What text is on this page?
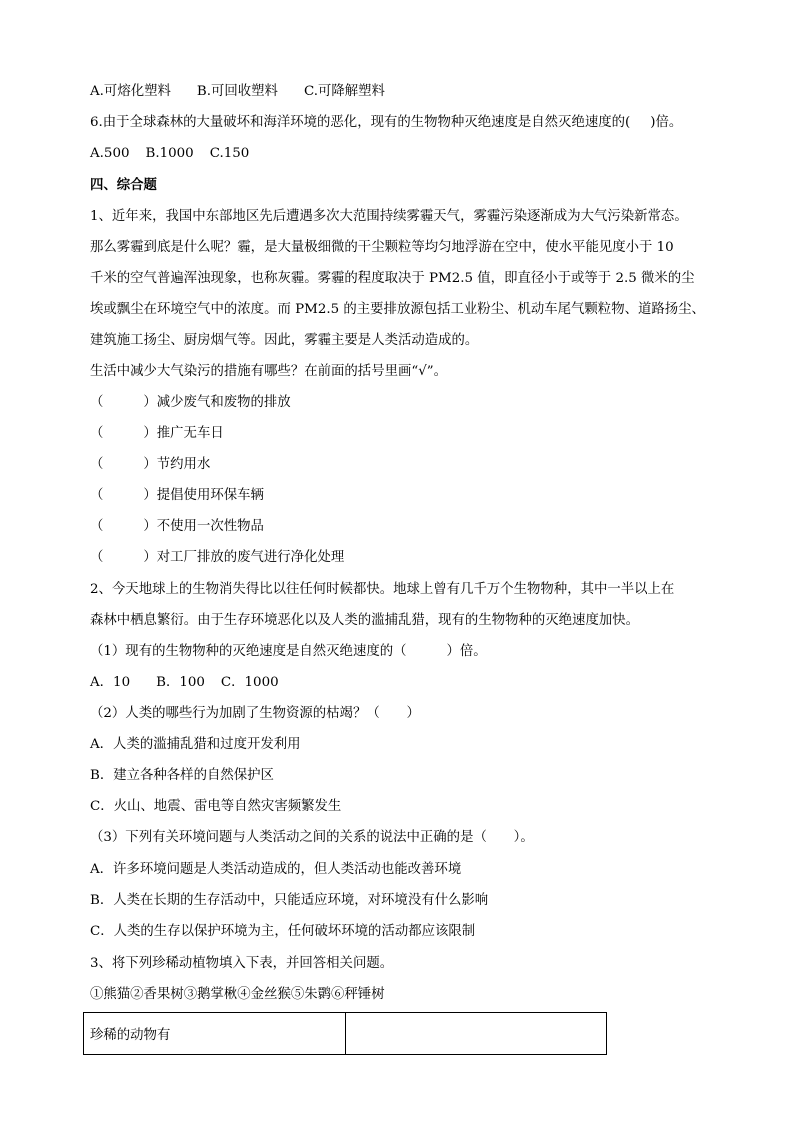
A.可熔化塑料 B.可回收塑料 C.可降解塑料
6.由于全球森林的大量破坏和海洋环境的恶化，现有的生物物种灭绝速度是自然灭绝速度的( )倍。
A.500 B.1000 C.150
四、综合题
1、近年来，我国中东部地区先后遭遇多次大范围持续雾霾天气，雾霾污染逐渐成为大气污染新常态。
那么雾霾到底是什么呢？霾，是大量极细微的干尘颗粒等均匀地浮游在空中，使水平能见度小于 10
千米的空气普遍浑浊现象，也称灰霾。雾霾的程度取决于 PM2.5 值，即直径小于或等于 2.5 微米的尘
埃或飘尘在环境空气中的浓度。而 PM2.5 的主要排放源包括工业粉尘、机动车尾气颗粒物、道路扬尘、
建筑施工扬尘、厨房烟气等。因此，雾霾主要是人类活动造成的。
生活中减少大气染污的措施有哪些？在前面的括号里画“√”。
（	）减少废气和废物的排放
（	）推广无车日
（	）节约用水
（	）提倡使用环保车辆
（	）不使用一次性物品
（	）对工厂排放的废气进行净化处理
2、今天地球上的生物消失得比以往任何时候都快。地球上曾有几千万个生物物种，其中一半以上在
森林中栖息繁衍。由于生存环境恶化以及人类的滥捕乱猎，现有的生物物种的灭绝速度加快。
（1）现有的生物物种的灭绝速度是自然灭绝速度的（	）倍。
A．10 B．100 C．1000
（2）人类的哪些行为加剧了生物资源的枯竭？（　　）
A．人类的滥捕乱猎和过度开发利用
B．建立各种各样的自然保护区
C．火山、地震、雷电等自然灾害频繁发生
（3）下列有关环境问题与人类活动之间的关系的说法中正确的是（　　）。
A．许多环境问题是人类活动造成的，但人类活动也能改善环境
B．人类在长期的生存活动中，只能适应环境，对环境没有什么影响
C．人类的生存以保护环境为主，任何破坏环境的活动都应该限制
3、将下列珍稀动植物填入下表，并回答相关问题。
①熊猫②香果树③鹅掌楸④金丝猴⑤朱鹮⑥秤锤树
珍稀的动物有	
